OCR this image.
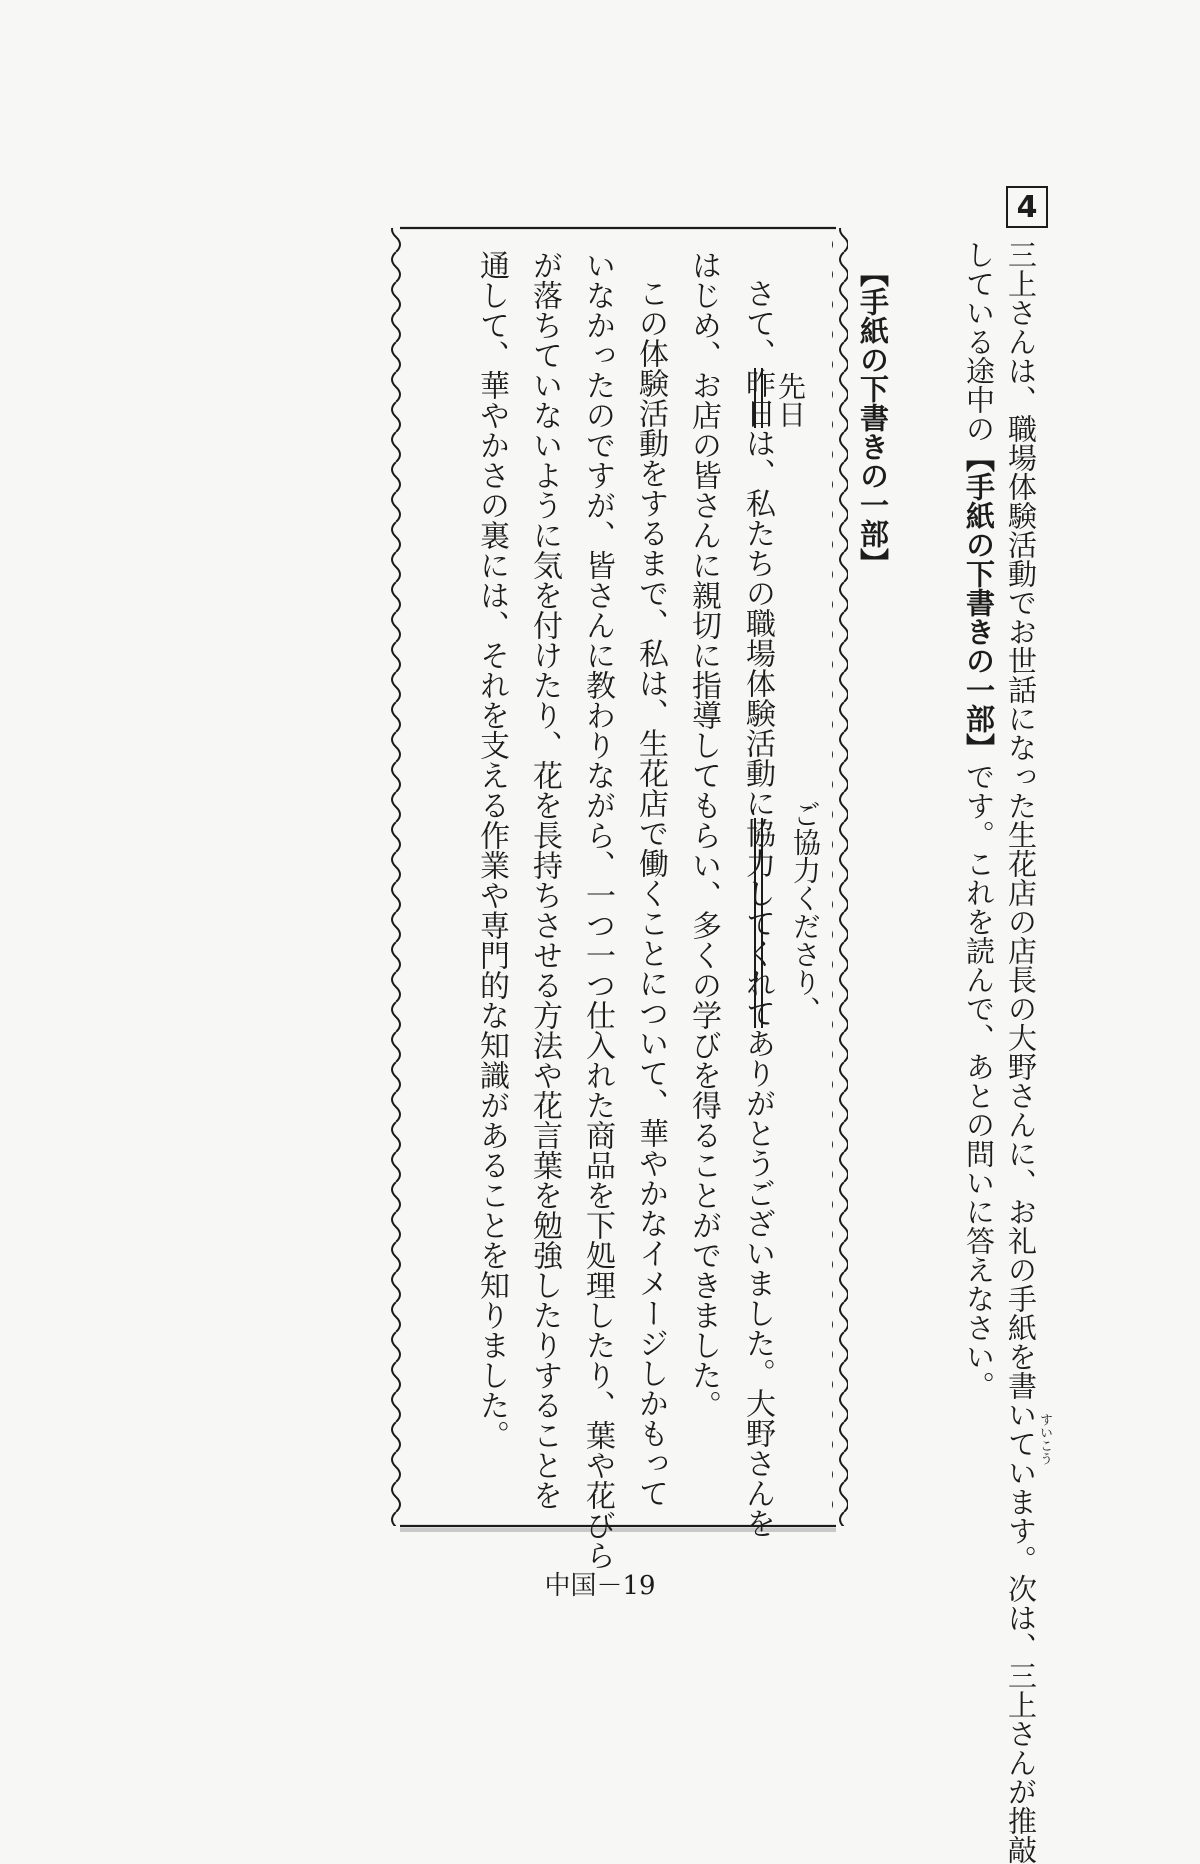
4
三上さんは、職場体験活動でお世話になった生花店の店長の大野さんに、お礼の手紙を書いています。次は、三上さんが推敲 すいこう
している途中の【手紙の下書きの一部】です。これを読んで、あとの問いに答えなさい。
【手紙の下書きの一部】
ご協力くださり、
先日
さて、昨日は、私たちの職場体験活動に協力してくれてありがとうございました。大野さんを
はじめ、お店の皆さんに親切に指導してもらい、多くの学びを得ることができました。
この体験活動をするまで、私は、生花店で働くことについて、華やかなイメージしかもって
いなかったのですが、皆さんに教わりながら、一つ一つ仕入れた商品を下処理したり、葉や花びら
が落ちていないように気を付けたり、花を長持ちさせる方法や花言葉を勉強したりすることを
通して、華やかさの裏には、それを支える作業や専門的な知識があることを知りました。
中国－19
